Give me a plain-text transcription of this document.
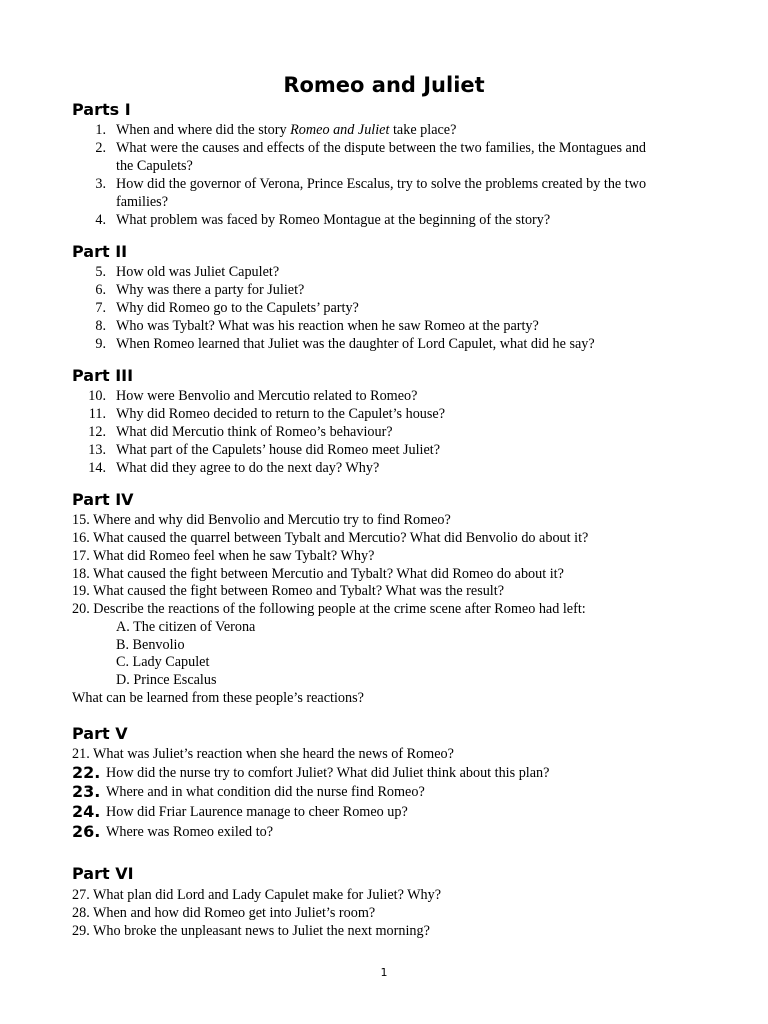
Romeo and Juliet
Parts I
1. When and where did the story Romeo and Juliet take place?
2. What were the causes and effects of the dispute between the two families, the Montagues and
the Capulets?
3. How did the governor of Verona, Prince Escalus, try to solve the problems created by the two
families?
4. What problem was faced by Romeo Montague at the beginning of the story?
Part II
5. How old was Juliet Capulet?
6. Why was there a party for Juliet?
7. Why did Romeo go to the Capulets’ party?
8. Who was Tybalt? What was his reaction when he saw Romeo at the party?
9. When Romeo learned that Juliet was the daughter of Lord Capulet, what did he say?
Part III
10. How were Benvolio and Mercutio related to Romeo?
11. Why did Romeo decided to return to the Capulet’s house?
12. What did Mercutio think of Romeo’s behaviour?
13. What part of the Capulets’ house did Romeo meet Juliet?
14. What did they agree to do the next day? Why?
Part IV
15. Where and why did Benvolio and Mercutio try to find Romeo?
16. What caused the quarrel between Tybalt and Mercutio? What did Benvolio do about it?
17. What did Romeo feel when he saw Tybalt? Why?
18. What caused the fight between Mercutio and Tybalt? What did Romeo do about it?
19. What caused the fight between Romeo and Tybalt? What was the result?
20. Describe the reactions of the following people at the crime scene after Romeo had left:
A. The citizen of Verona
B. Benvolio
C. Lady Capulet
D. Prince Escalus
What can be learned from these people’s reactions?
Part V
21. What was Juliet’s reaction when she heard the news of Romeo?
22. How did the nurse try to comfort Juliet? What did Juliet think about this plan?
23. Where and in what condition did the nurse find Romeo?
24. How did Friar Laurence manage to cheer Romeo up?
26. Where was Romeo exiled to?
Part VI
27. What plan did Lord and Lady Capulet make for Juliet? Why?
28. When and how did Romeo get into Juliet’s room?
29. Who broke the unpleasant news to Juliet the next morning?
1
